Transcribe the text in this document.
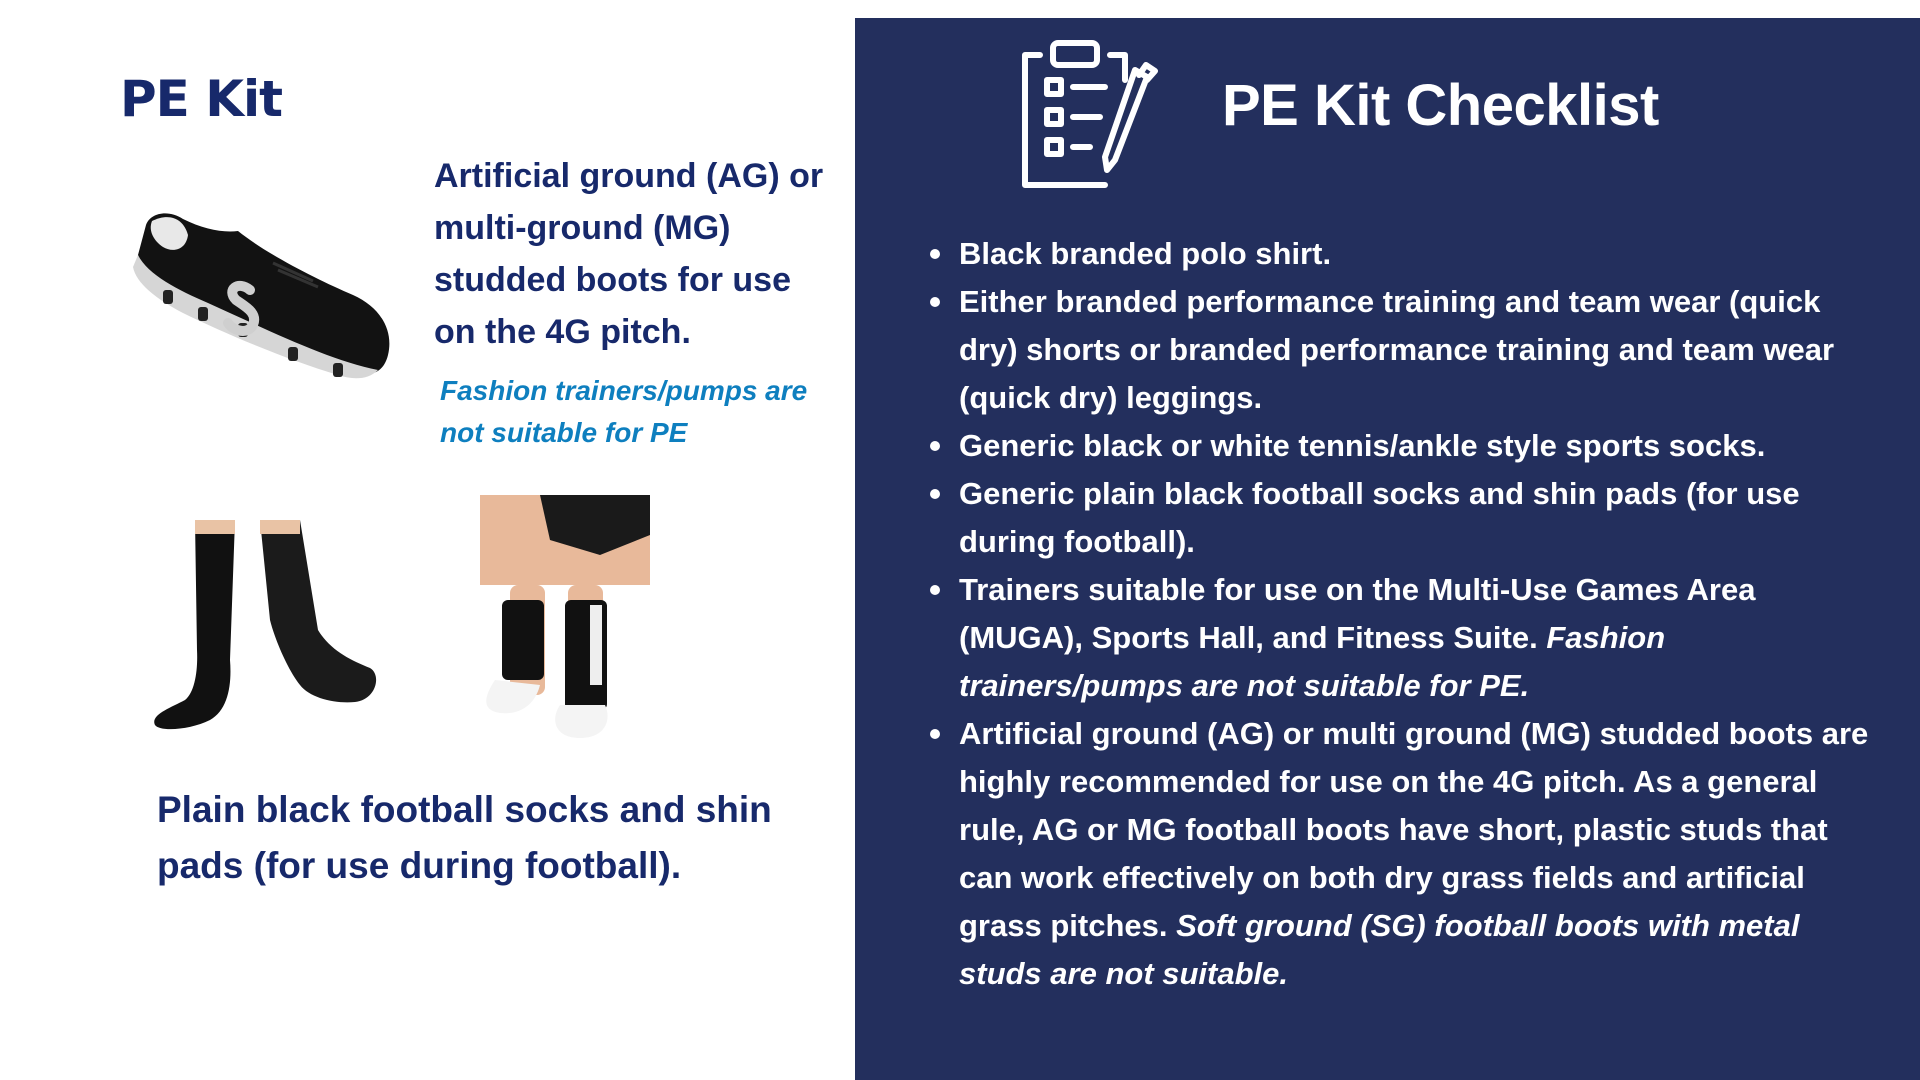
PE Kit

Artificial ground (AG) or multi-ground (MG) studded boots for use on the 4G pitch.

Fashion trainers/pumps are not suitable for PE

Plain black football socks and shin pads (for use during football).

PE Kit Checklist
Black branded polo shirt.
Either branded performance training and team wear (quick dry) shorts or branded performance training and team wear (quick dry) leggings.
Generic black or white tennis/ankle style sports socks.
Generic plain black football socks and shin pads (for use during football).
Trainers suitable for use on the Multi-Use Games Area (MUGA), Sports Hall, and Fitness Suite. Fashion trainers/pumps are not suitable for PE.
Artificial ground (AG) or multi ground (MG) studded boots are highly recommended for use on the 4G pitch. As a general rule, AG or MG football boots have short, plastic studs that can work effectively on both dry grass fields and artificial grass pitches. Soft ground (SG) football boots with metal studs are not suitable.
